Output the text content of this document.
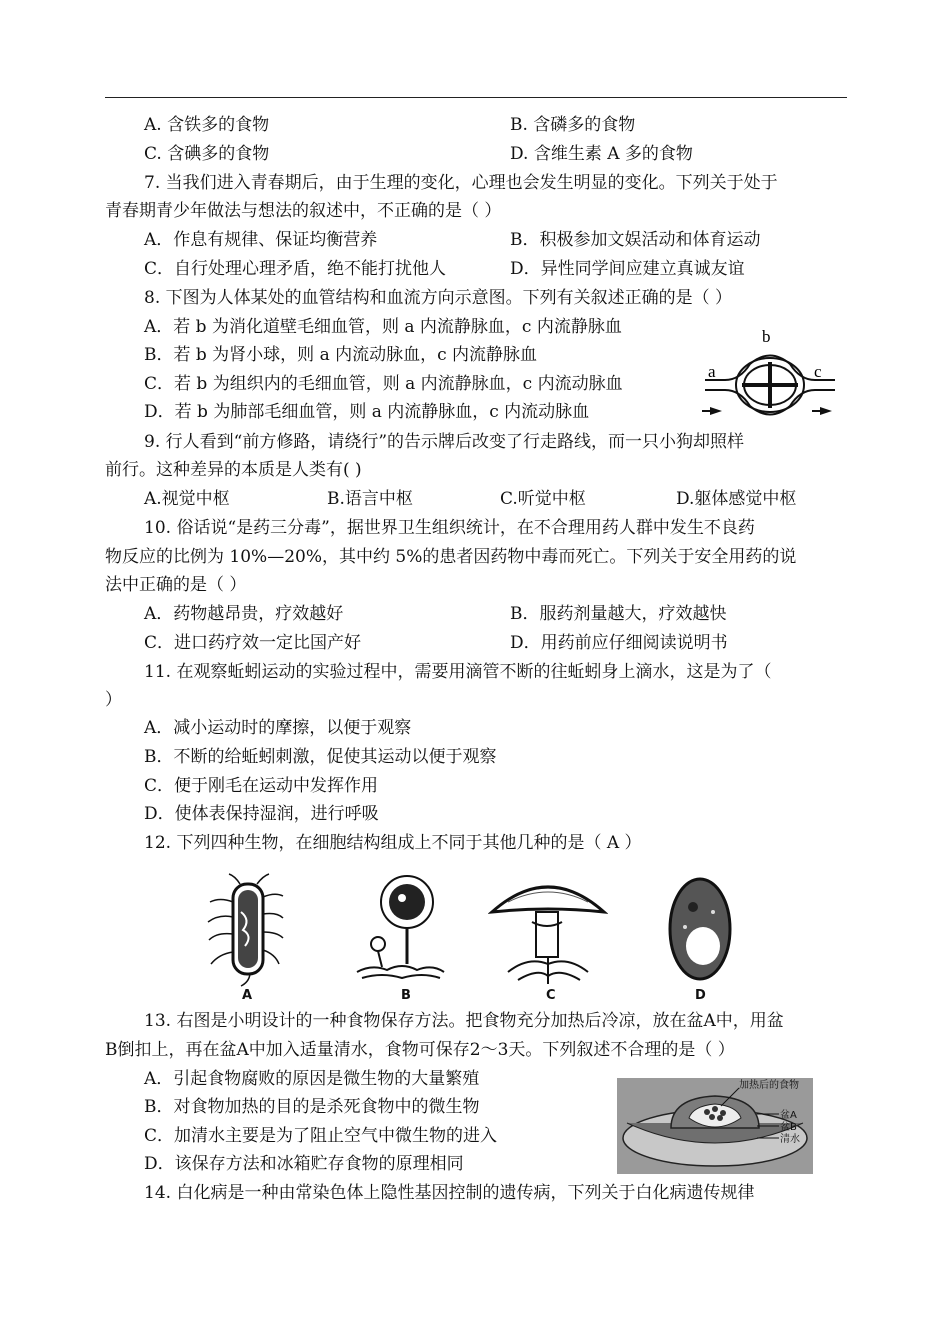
A. 含铁多的食物	B. 含磷多的食物
C. 含碘多的食物	D. 含维生素 A 多的食物
7. 当我们进入青春期后，由于生理的变化，心理也会发生明显的变化。下列关于处于
青春期青少年做法与想法的叙述中，不正确的是（ ）
A．作息有规律、保证均衡营养	B．积极参加文娱活动和体育运动
C．自行处理心理矛盾，绝不能打扰他人	D．异性同学间应建立真诚友谊
8. 下图为人体某处的血管结构和血流方向示意图。下列有关叙述正确的是（ ）
A．若 b 为消化道壁毛细血管，则 a 内流静脉血，c 内流静脉血
B．若 b 为肾小球，则 a 内流动脉血，c 内流静脉血
C．若 b 为组织内的毛细血管，则 a 内流静脉血，c 内流动脉血
D．若 b 为肺部毛细血管，则 a 内流静脉血，c 内流动脉血
b
a	c
9. 行人看到“前方修路，请绕行”的告示牌后改变了行走路线，而一只小狗却照样
前行。这种差异的本质是人类有( )
A.视觉中枢	B.语言中枢	C.听觉中枢	D.躯体感觉中枢
10. 俗话说“是药三分毒”，据世界卫生组织统计，在不合理用药人群中发生不良药
物反应的比例为 10%—20%，其中约 5%的患者因药物中毒而死亡。下列关于安全用药的说
法中正确的是（ ）
A．药物越昂贵，疗效越好	B．服药剂量越大，疗效越快
C．进口药疗效一定比国产好	D．用药前应仔细阅读说明书
11. 在观察蚯蚓运动的实验过程中，需要用滴管不断的往蚯蚓身上滴水，这是为了（
）
A．减小运动时的摩擦，以便于观察
B．不断的给蚯蚓刺激，促使其运动以便于观察
C．便于刚毛在运动中发挥作用
D．使体表保持湿润，进行呼吸
12. 下列四种生物，在细胞结构组成上不同于其他几种的是（ A ）
A	B	C	D
13. 右图是小明设计的一种食物保存方法。把食物充分加热后冷凉，放在盆A中，用盆
B倒扣上，再在盆A中加入适量清水，食物可保存2～3天。下列叙述不合理的是（ ）
A．引起食物腐败的原因是微生物的大量繁殖
B．对食物加热的目的是杀死食物中的微生物
C．加清水主要是为了阻止空气中微生物的进入
D．该保存方法和冰箱贮存食物的原理相同
加热后的食物
盆A
盆B
清水
14. 白化病是一种由常染色体上隐性基因控制的遗传病，下列关于白化病遗传规律
